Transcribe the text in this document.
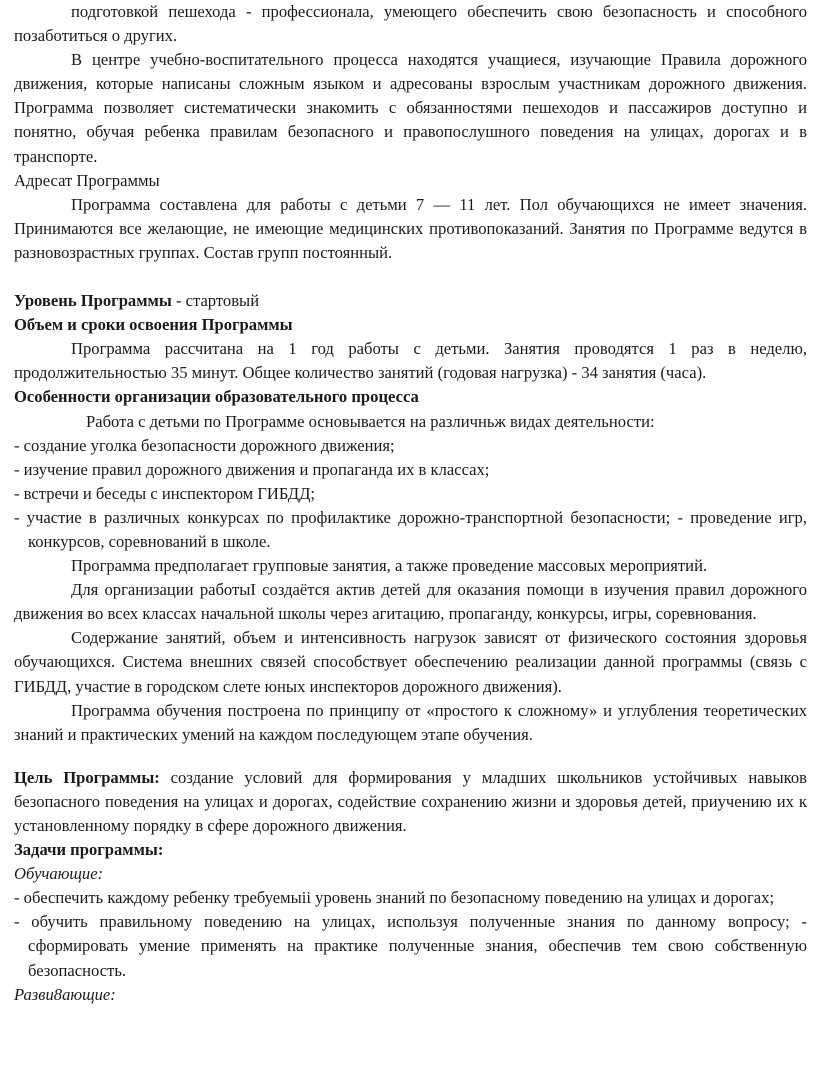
подготовкой пешехода - профессионала, умеющего обеспечить свою безопасность и способного позаботиться о других.

В центре учебно-воспитательного процесса находятся учащиеся, изучающие Правила дорожного движения, которые написаны сложным языком и адресованы взрослым участникам дорожного движения. Программа позволяет систематически знакомить с обязанностями пешеходов и пассажиров доступно и понятно, обучая ребенка правилам безопасного и правопослушного поведения на улицах, дорогах и в транспорте.

Адресат Программы

Программа составлена для работы с детьми 7 — 11 лет. Пол обучающихся не имеет значения. Принимаются все желающие, не имеющие медицинских противопоказаний. Занятия по Программе ведутся в разновозрастных группах. Состав групп постоянный.

Уровень Программы - стартовый

Объем и сроки освоения Программы

Программа рассчитана на 1 год работы с детьми. Занятия проводятся 1 раз в неделю, продолжительностью 35 минут. Общее количество занятий (годовая нагрузка) - 34 занятия (часа).

Особенности организации образовательного процесса

Работа с детьми по Программе основывается на различньж видах деятельности:

- создание уголка безопасности дорожного движения;

- изучение правил дорожного движения и пропаганда их в классах;

- встречи и беседы с инспектором ГИБДД;

- участие в различных конкурсах по профилактике дорожно-транспортной безопасности; - проведение игр, конкурсов, соревнований в школе.

Программа предполагает групповые занятия, а также проведение массовых мероприятий.

Для организации работыI создаётся актив детей для оказания помощи в изучения правил дорожного движения во всех классах начальной школы через агитацию, пропаганду, конкурсы, игры, соревнования.

Содержание занятий, объем и интенсивность нагрузок зависят от физического состояния здоровья обучающихся. Система внешних связей способствует обеспечению реализации данной программы (связь с ГИБДД, участие в городском слете юных инспекторов дорожного движения).

Программа обучения построена по принципу от «простого к сложному» и углубления теоретических знаний и практических умений на каждом последующем этапе обучения.

Цель Программы: создание условий для формирования у младших школьников устойчивых навыков безопасного поведения на улицах и дорогах, содействие сохранению жизни и здоровья детей, приучению их к установленному порядку в сфере дорожного движения.

Задачи программы:

Обучающие:

- обеспечить каждому ребенку требуемыii уровень знаний по безопасному поведению на улицах и дорогах;

- обучить правильному поведению на улицах, используя полученные знания по данному вопросу; - сформировать умение применять на практике полученные знания, обеспечив тем свою собственную безопасность.

Разви8ающие:
